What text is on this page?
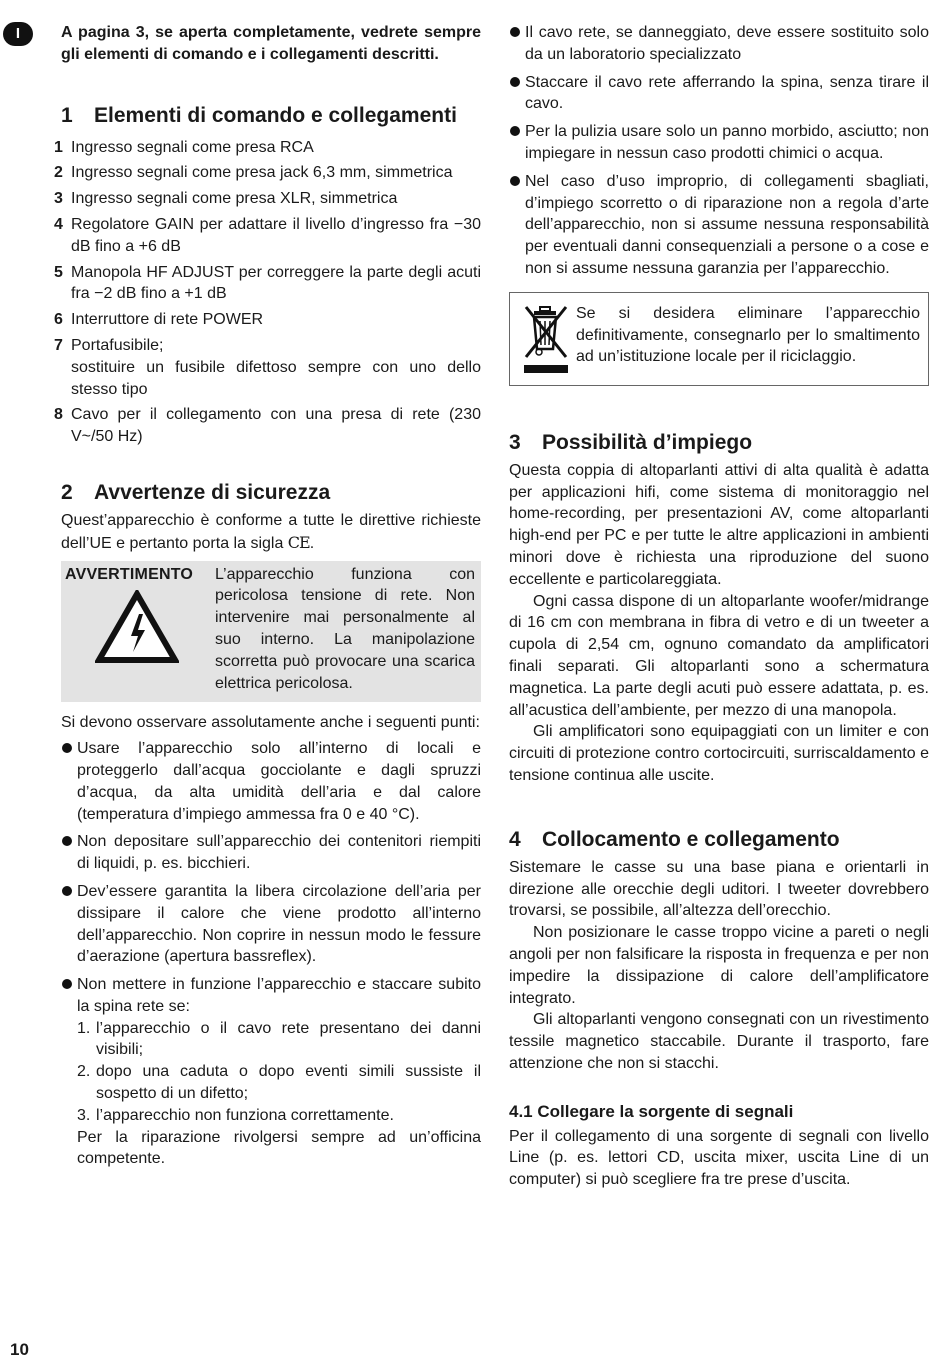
I	A pagina 3, se aperta completamente, vedrete sempre gli elementi di comando e i collegamenti descritti.

1	Elementi di comando e collegamenti
1 Ingresso segnali come presa RCA
2 Ingresso segnali come presa jack 6,3 mm, simmetrica
3 Ingresso segnali come presa XLR, simmetrica
4 Regolatore GAIN per adattare il livello d’ingresso fra −30 dB fino a +6 dB
5 Manopola HF ADJUST per correggere la parte degli acuti fra −2 dB fino a +1 dB
6 Interruttore di rete POWER
7 Portafusibile;
sostituire un fusibile difettoso sempre con uno dello stesso tipo
8 Cavo per il collegamento con una presa di rete (230 V~/50 Hz)
2	Avvertenze di sicurezza

Quest’apparecchio è conforme a tutte le direttive richieste dell’UE e pertanto porta la sigla CE.

AVVERTIMENTO	L’apparecchio funziona con pericolosa tensione di rete. Non intervenire mai personalmente al suo interno. La manipolazione scorretta può provocare una scarica elettrica pericolosa.

Si devono osservare assolutamente anche i seguenti punti:

Usare l’apparecchio solo all’interno di locali e proteggerlo dall’acqua gocciolante e dagli spruzzi d’acqua, da alta umidità dell’aria e dal calore (temperatura d’impiego ammessa fra 0 e 40 °C).
Non depositare sull’apparecchio dei contenitori riempiti di liquidi, p. es. bicchieri.
Dev’essere garantita la libera circolazione dell’aria per dissipare il calore che viene prodotto all’interno dell’apparecchio. Non coprire in nessun modo le fessure d’aerazione (apertura bassreflex).
Non mettere in funzione l’apparecchio e staccare subito la spina rete se:
1. l’apparecchio o il cavo rete presentano dei danni visibili;
2. dopo una caduta o dopo eventi simili sussiste il sospetto di un difetto;
3. l’apparecchio non funziona correttamente.
Per la riparazione rivolgersi sempre ad un’officina competente.
Il cavo rete, se danneggiato, deve essere sostituito solo da un laboratorio specializzato
Staccare il cavo rete afferrando la spina, senza tirare il cavo.
Per la pulizia usare solo un panno morbido, asciutto; non impiegare in nessun caso prodotti chimici o acqua.
Nel caso d’uso improprio, di collegamenti sbagliati, d’impiego scorretto o di riparazione non a regola d’arte dell’apparecchio, non si assume nessuna responsabilità per eventuali danni consequenziali a persone o a cose e non si assume nessuna garanzia per l’apparecchio.
Se si desidera eliminare l’apparecchio definitivamente, consegnarlo per lo smaltimento ad un’istituzione locale per il riciclaggio.
3	Possibilità d’impiego

Questa coppia di altoparlanti attivi di alta qualità è adatta per applicazioni hifi, come sistema di monitoraggio nel home-recording, per presentazioni AV, come altoparlanti high-end per PC e per tutte le altre applicazioni in ambienti minori dove è richiesta una riproduzione del suono eccellente e particolareggiata.

Ogni cassa dispone di un altoparlante woofer/midrange di 16 cm con membrana in fibra di vetro e di un tweeter a cupola di 2,54 cm, ognuno comandato da amplificatori finali separati. Gli altoparlanti sono a schermatura magnetica. La parte degli acuti può essere adattata, p. es. all’acustica dell’ambiente, per mezzo di una manopola.

Gli amplificatori sono equipaggiati con un limiter e con circuiti di protezione contro cortocircuiti, surriscaldamento e tensione continua alle uscite.

4	Collocamento e collegamento

Sistemare le casse su una base piana e orientarli in direzione alle orecchie degli uditori. I tweeter dovrebbero trovarsi, se possibile, all’altezza dell’orecchio.

Non posizionare le casse troppo vicine a pareti o negli angoli per non falsificare la risposta in frequenza e per non impedire la dissipazione di calore dell’amplificatore integrato.

Gli altoparlanti vengono consegnati con un rivestimento tessile magnetico staccabile. Durante il trasporto, fare attenzione che non si stacchi.

4.1 Collegare la sorgente di segnali

Per il collegamento di una sorgente di segnali con livello Line (p. es. lettori CD, uscita mixer, uscita Line di un computer) si può scegliere fra tre prese d’uscita.

10
